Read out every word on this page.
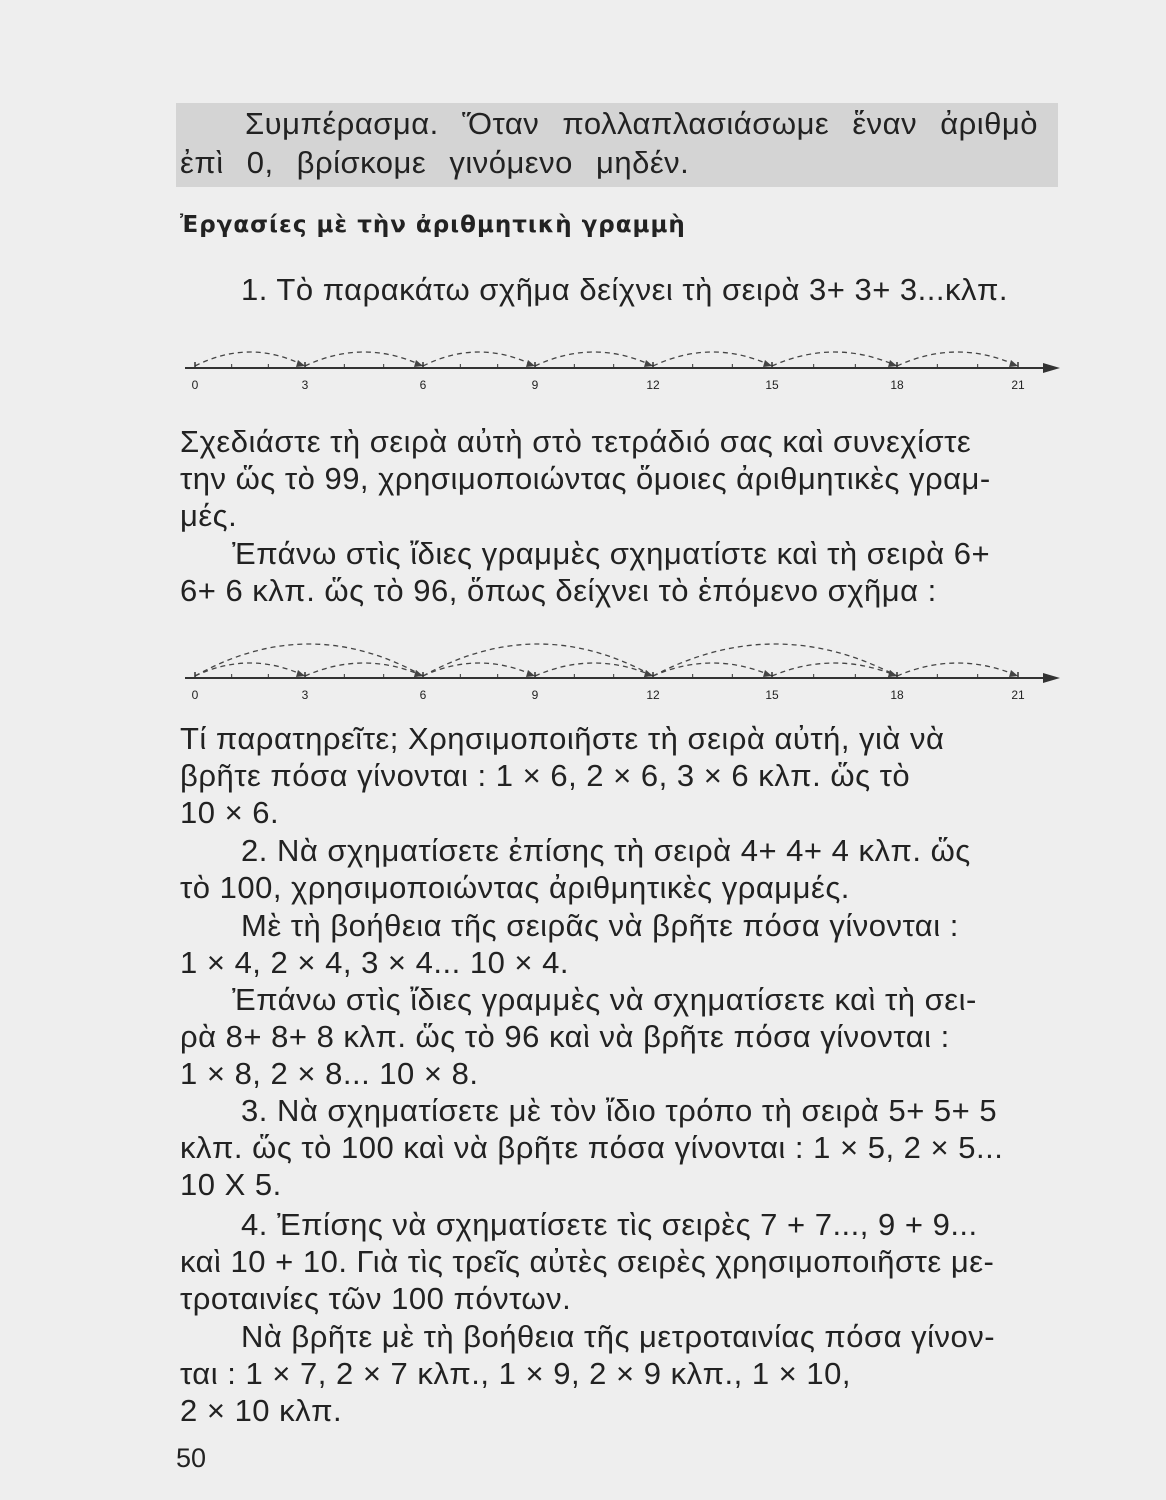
Συμπέρασμα. Ὅταν πολλαπλασιάσωμε ἕναν ἀριθμὸ
ἐπὶ 0, βρίσκομε γινόμενο μηδέν.
Ἐργασίες μὲ τὴν ἀριθμητικὴ γραμμὴ
1. Τὸ παρακάτω σχῆμα δείχνει τὴ σειρὰ 3+ 3+ 3...κλπ.
0	3	6	9	12	15	18	21
Σχεδιάστε τὴ σειρὰ αὐτὴ στὸ τετράδιό σας καὶ συνεχίστε
την ὥς τὸ 99, χρησιμοποιώντας ὅμοιες ἀριθμητικὲς γραμ-
μές.
Ἐπάνω στὶς ἴδιες γραμμὲς σχηματίστε καὶ τὴ σειρὰ 6+
6+ 6 κλπ. ὥς τὸ 96, ὅπως δείχνει τὸ ἑπόμενο σχῆμα :
0	3	6	9	12	15	18	21
Τί παρατηρεῖτε; Χρησιμοποιῆστε τὴ σειρὰ αὐτή, γιὰ νὰ
βρῆτε πόσα γίνονται : 1 × 6, 2 × 6, 3 × 6 κλπ. ὥς τὸ
10 × 6.
2. Νὰ σχηματίσετε ἐπίσης τὴ σειρὰ 4+ 4+ 4 κλπ. ὥς
τὸ 100, χρησιμοποιώντας ἀριθμητικὲς γραμμές.
Μὲ τὴ βοήθεια τῆς σειρᾶς νὰ βρῆτε πόσα γίνονται :
1 × 4, 2 × 4, 3 × 4... 10 × 4.
Ἐπάνω στὶς ἴδιες γραμμὲς νὰ σχηματίσετε καὶ τὴ σει-
ρὰ 8+ 8+ 8 κλπ. ὥς τὸ 96 καὶ νὰ βρῆτε πόσα γίνονται :
1 × 8, 2 × 8... 10 × 8.
3. Νὰ σχηματίσετε μὲ τὸν ἴδιο τρόπο τὴ σειρὰ 5+ 5+ 5
κλπ. ὥς τὸ 100 καὶ νὰ βρῆτε πόσα γίνονται : 1 × 5, 2 × 5...
10 X 5.
4. Ἐπίσης νὰ σχηματίσετε τὶς σειρὲς 7 + 7..., 9 + 9...
καὶ 10 + 10. Γιὰ τὶς τρεῖς αὐτὲς σειρὲς χρησιμοποιῆστε με-
τροταινίες τῶν 100 πόντων.
Νὰ βρῆτε μὲ τὴ βοήθεια τῆς μετροταινίας πόσα γίνον-
ται : 1 × 7, 2 × 7 κλπ., 1 × 9, 2 × 9 κλπ., 1 × 10,
2 × 10 κλπ.
50
